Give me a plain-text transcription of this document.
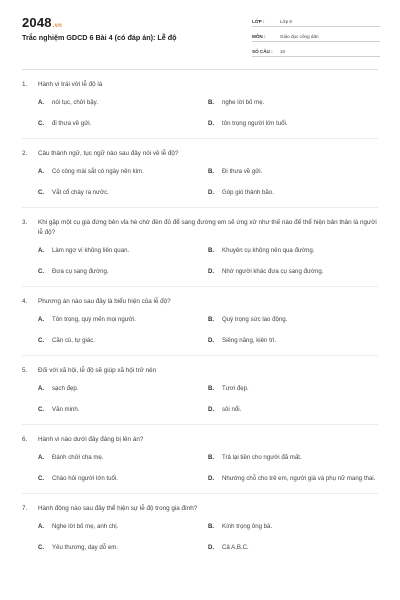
2048.vn
Trắc nghiệm GDCD 6 Bài 4 (có đáp án): Lễ độ
LỚP :	Lớp 6
MÔN :	Giáo dục công dân
SỐ CÂU :	10
1.	Hành vi trái với lễ độ là
A.	nói tục, chửi bậy.	B.	nghe lời bố mẹ.
C.	đi thưa về gửi.	D.	tôn trọng người lớn tuổi.
2.	Câu thành ngữ, tục ngữ nào sau đây nói về lễ độ?
A.	Có công mài sắt có ngày nên kim.	B.	Đi thưa về gửi.
C.	Vắt cổ chày ra nước.	D.	Góp gió thành bão.
3.	Khi gặp một cụ già đứng bên vỉa hè chờ đèn đỏ để sang đường em sẽ ứng xử như thế nào để thể hiện bản thân là người lễ độ?
A.	Làm ngơ vì không liên quan.	B.	Khuyên cụ không nên qua đường.
C.	Đưa cụ sang đường.	D.	Nhờ người khác đưa cụ sang đường.
4.	Phương án nào sau đây là biểu hiện của lễ độ?
A.	Tôn trọng, quý mến mọi người.	B.	Quý trọng sức lao động.
C.	Cần cù, tự giác.	D.	Siêng năng, kiên trì.
5.	Đối với xã hội, lễ độ sẽ giúp xã hội trở nên
A.	sạch đẹp.	B.	Tươi đẹp.
C.	Văn minh.	D.	sôi nổi.
6.	Hành vi nào dưới đây đáng bị lên án?
A.	Đánh chửi cha mẹ.	B.	Trả lại tiền cho người đã mất.
C.	Chào hỏi người lớn tuổi.	D.	Nhường chỗ cho trẻ em, người già và phụ nữ mang thai.
7.	Hành động nào sau đây thể hiện sự lễ độ trong gia đình?
A.	Nghe lời bố mẹ, anh chị.	B.	Kính trọng ông bà.
C.	Yêu thương, dạy dỗ em.	D.	Cả A,B,C.
